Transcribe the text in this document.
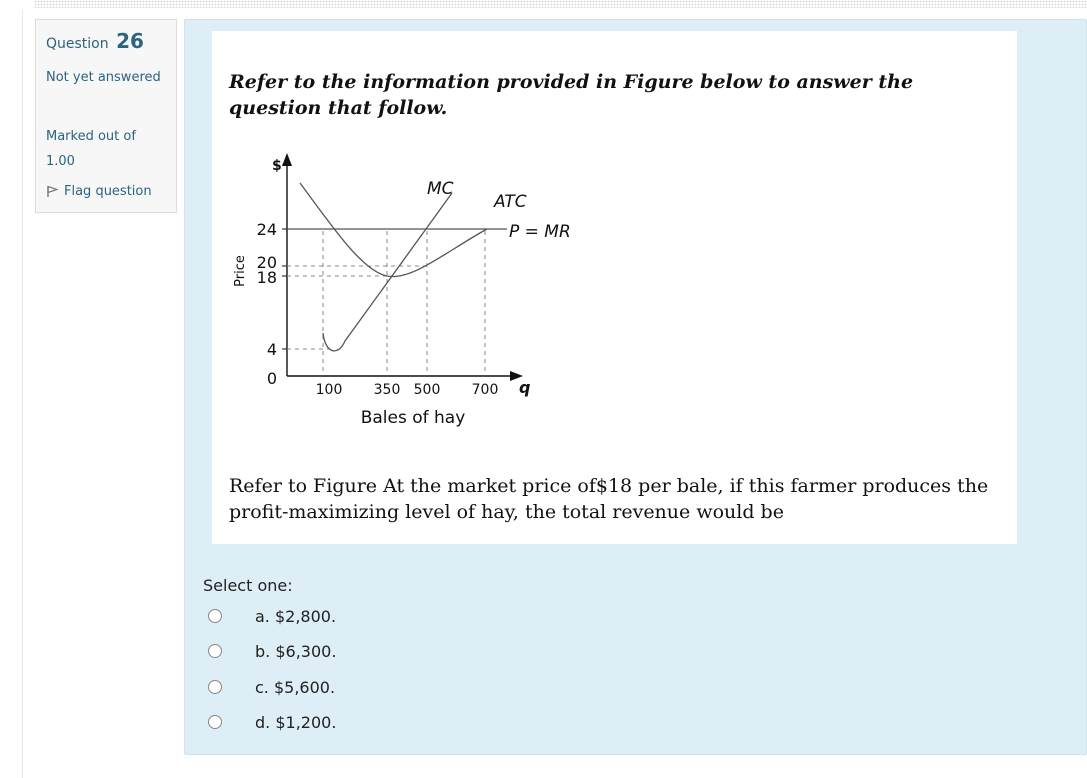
Question 26
Not yet answered
Marked out of 1.00
Flag question
Refer to the information provided in Figure below to answer the question that follow.
MC
ATC
P = MR
$
24
20
18
4
0
Price
100 350 500 700 q
Bales of hay
Refer to Figure At the market price of$18 per bale, if this farmer produces the profit-maximizing level of hay, the total revenue would be
Select one:
a. $2,800.
b. $6,300.
c. $5,600.
d. $1,200.
